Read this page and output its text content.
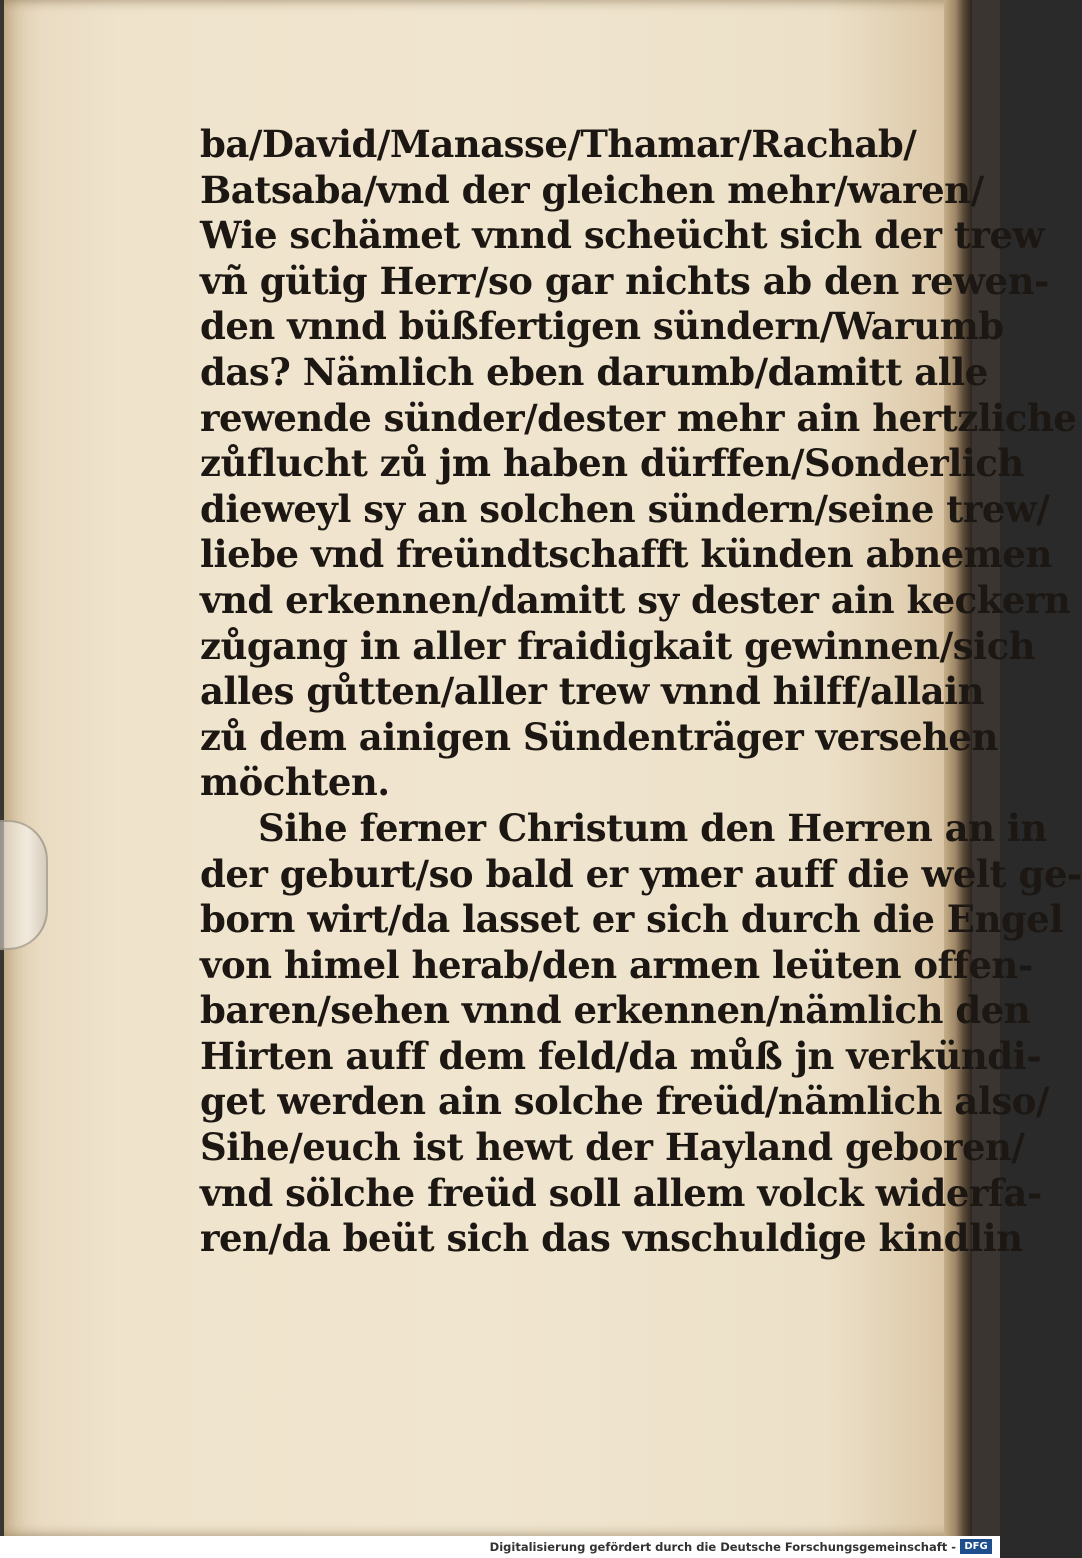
ba/David/Manasse/Thamar/Rachab/
Batsaba/vnd der gleichen mehr/waren/
Wie schämet vnnd scheücht sich der trew
vñ gütig Herr/so gar nichts ab den rewen-
den vnnd büßfertigen sündern/Warumb
das? Nämlich eben darumb/damitt alle
rewende sünder/dester mehr ain hertzliche
zůflucht zů jm haben dürffen/Sonderlich
dieweyl sy an solchen sündern/seine trew/
liebe vnd freündtschafft künden abnemen
vnd erkennen/damitt sy dester ain keckern
zůgang in aller fraidigkait gewinnen/sich
alles gůtten/aller trew vnnd hilff/allain
zů dem ainigen Sündenträger versehen
möchten.
Sihe ferner Christum den Herren an in
der geburt/so bald er ymer auff die welt ge-
born wirt/da lasset er sich durch die Engel
von himel herab/den armen leüten offen-
baren/sehen vnnd erkennen/nämlich den
Hirten auff dem feld/da můß jn verkündi-
get werden ain solche freüd/nämlich also/
Sihe/euch ist hewt der Hayland geboren/
vnd sölche freüd soll allem volck widerfa-
ren/da beüt sich das vnschuldige kindlin
Digitalisierung gefördert durch die Deutsche Forschungsgemeinschaft - DFG
